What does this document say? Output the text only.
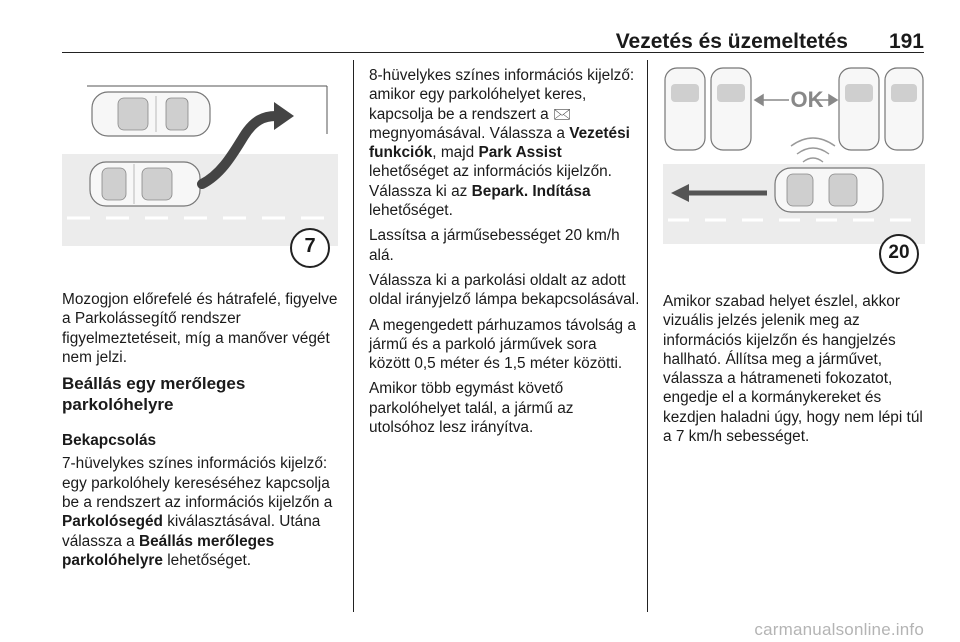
Vezetés és üzemeltetés 191
7
OK
20

Mozogjon előrefelé és hátrafelé, figyelve a Parkolássegítő rendszer figyelmeztetéseit, míg a manőver végét nem jelzi.

Beállás egy merőleges parkolóhelyre
Bekapcsolás

7-hüvelykes színes információs kijelző: egy parkolóhely kereséséhez kapcsolja be a rendszert az információs kijelzőn a Parkolósegéd kiválasztásával. Utána válassza a Beállás merőleges parkolóhelyre lehetőséget.

8-hüvelykes színes információs kijelző: amikor egy parkolóhelyet keres, kapcsolja be a rendszert a 🖂 megnyomásával. Válassza a Vezetési funkciók, majd Park Assist lehetőséget az információs kijelzőn. Válassza ki az Bepark. Indítása lehetőséget.

Lassítsa a járműsebességet 20 km/h alá.

Válassza ki a parkolási oldalt az adott oldal irányjelző lámpa bekapcsolásával.

A megengedett párhuzamos távolság a jármű és a parkoló járművek sora között 0,5 méter és 1,5 méter közötti.

Amikor több egymást követő parkolóhelyet talál, a jármű az utolsóhoz lesz irányítva.

Amikor szabad helyet észlel, akkor vizuális jelzés jelenik meg az információs kijelzőn és hangjelzés hallható. Állítsa meg a járművet, válassza a hátrameneti fokozatot, engedje el a kormánykereket és kezdjen haladni úgy, hogy nem lépi túl a 7 km/h sebességet.

carmanualsonline.info
